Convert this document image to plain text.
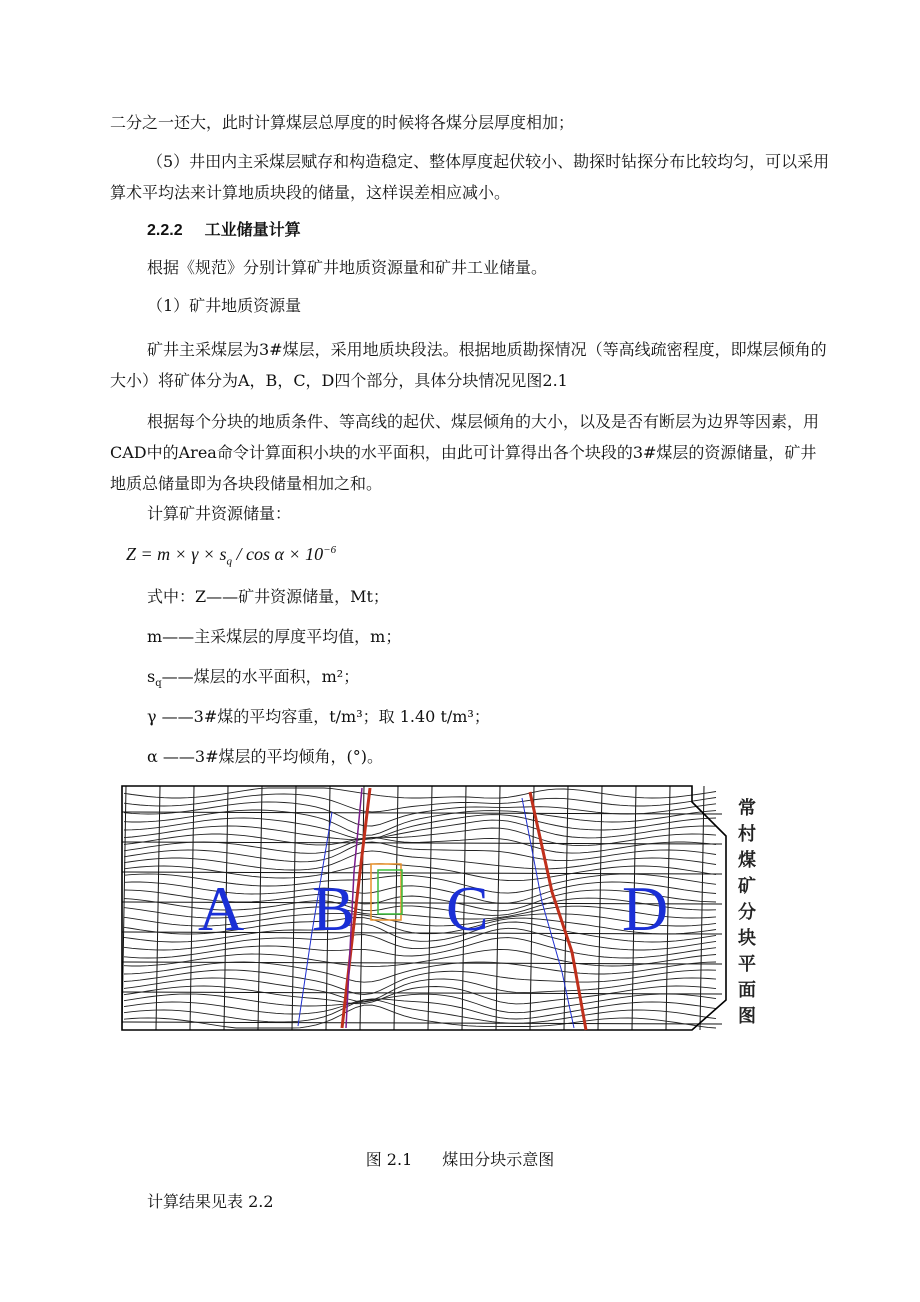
二分之一还大，此时计算煤层总厚度的时候将各煤分层厚度相加；
（5）井田内主采煤层赋存和构造稳定、整体厚度起伏较小、勘探时钻探分布比较均匀，可以采用算术平均法来计算地质块段的储量，这样误差相应减小。
2.2.2 工业储量计算
根据《规范》分别计算矿井地质资源量和矿井工业储量。
（1）矿井地质资源量
矿井主采煤层为3#煤层，采用地质块段法。根据地质勘探情况（等高线疏密程度，即煤层倾角的大小）将矿体分为A，B，C，D四个部分，具体分块情况见图2.1
根据每个分块的地质条件、等高线的起伏、煤层倾角的大小，以及是否有断层为边界等因素，用CAD中的Area命令计算面积小块的水平面积，由此可计算得出各个块段的3#煤层的资源储量，矿井地质总储量即为各块段储量相加之和。
计算矿井资源储量：
$Z = m \times \gamma \times s_q / \cos \alpha \times 10^{-6}$
式中：Z——矿井资源储量，Mt；
m——主采煤层的厚度平均值，m；
$s_q——$煤层的水平面积，m²；
γ ——3#煤的平均容重，t/m³；取 1.40 t/m³；
α ——3#煤层的平均倾角，(°)。
A B C D
常村煤矿分块平面图
图 2.1 煤田分块示意图
计算结果见表 2.2
